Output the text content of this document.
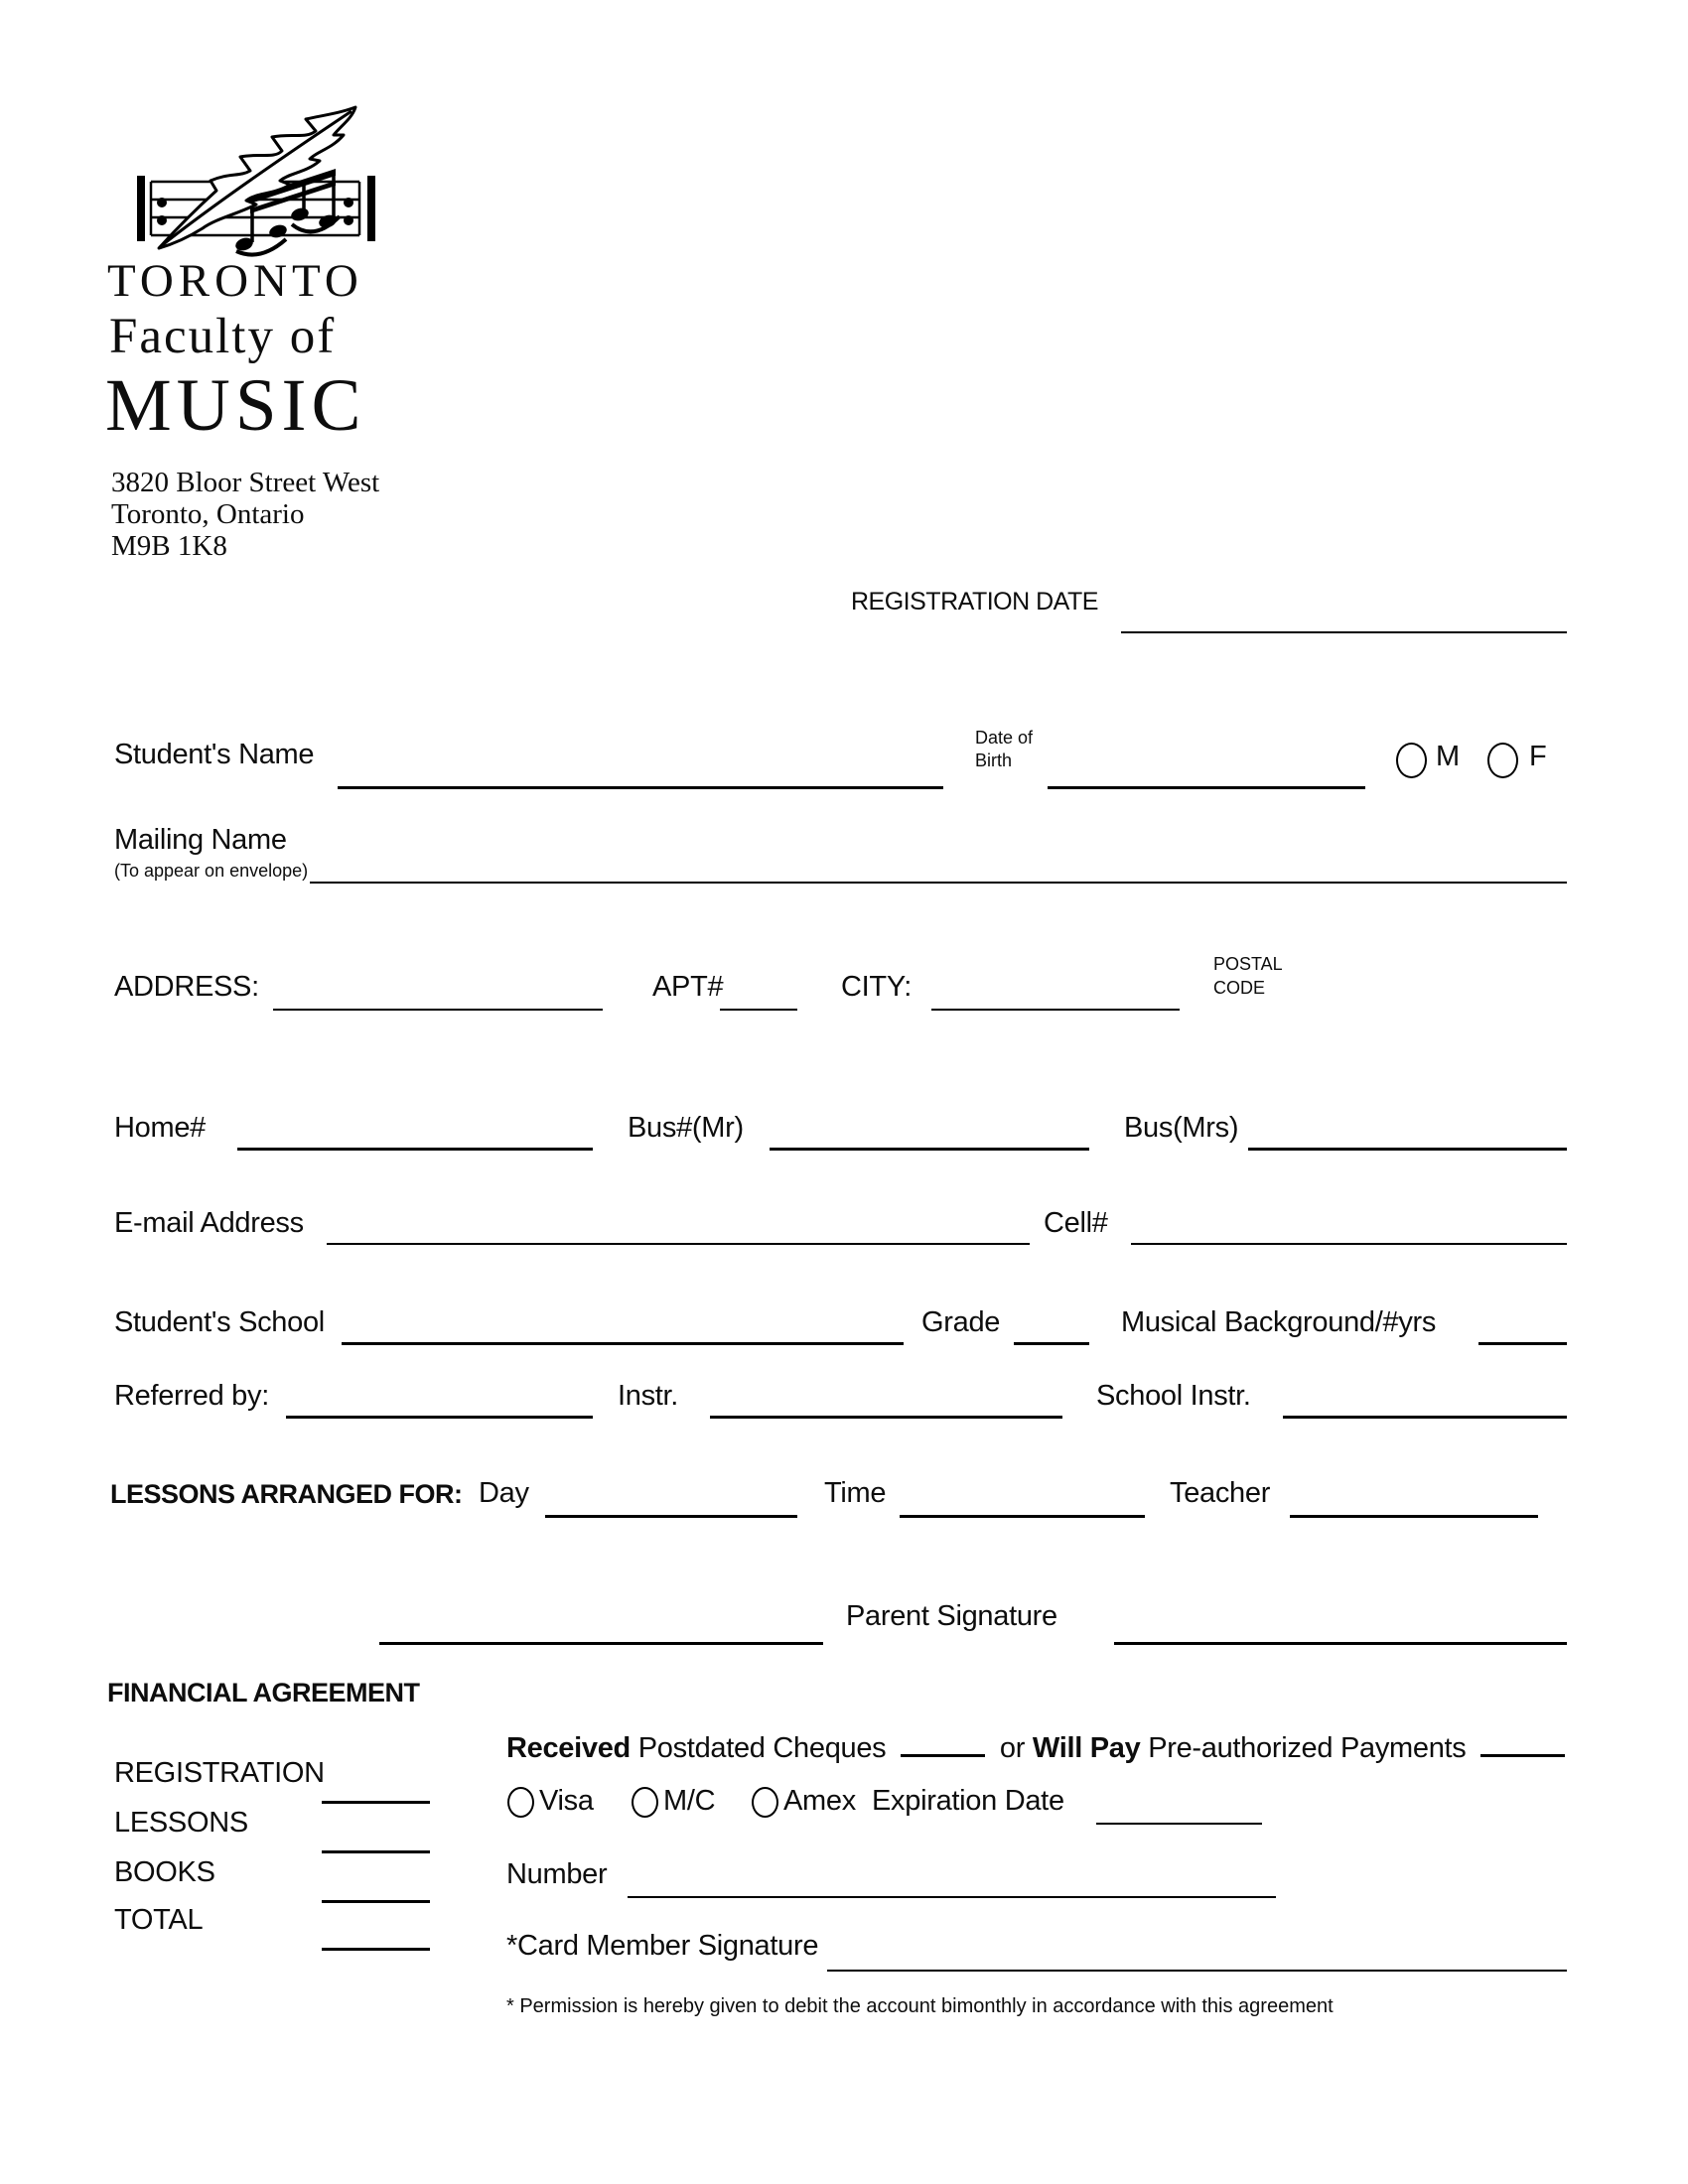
TORONTO
Faculty of
MUSIC
3820 Bloor Street West
Toronto, Ontario
M9B 1K8
REGISTRATION DATE
Student's Name
Date of
Birth	M F
Mailing Name
(To appear on envelope)
ADDRESS:	APT#	CITY:
POSTAL
CODE
Home#	Bus#(Mr)	Bus(Mrs)
E-mail Address	Cell#
Student's School	Grade	Musical Background/#yrs
Referred by:	Instr.	School Instr.
LESSONS ARRANGED FOR: Day	Time	Teacher
Parent Signature
FINANCIAL AGREEMENT
Received Postdated Cheques	or Will Pay Pre-authorized Payments
REGISTRATION
LESSONS
BOOKS
TOTAL
Visa M/C Amex Expiration Date
Number
*Card Member Signature
* Permission is hereby given to debit the account bimonthly in accordance with this agreement
